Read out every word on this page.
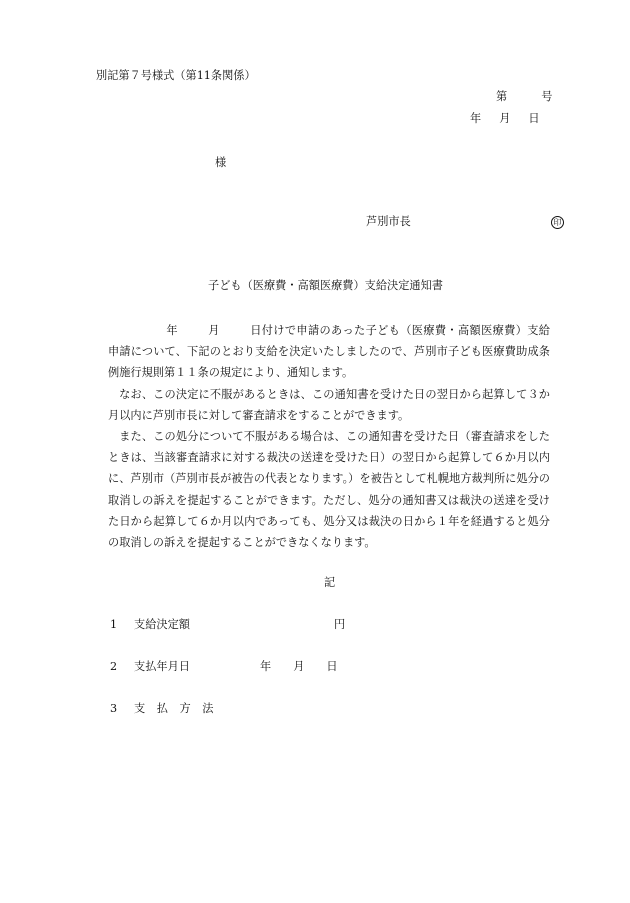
別記第７号様式（第11条関係）
第	号
年 月 日
様
芦別市長	印
子ども（医療費・高額医療費）支給決定通知書

年	月	日付けで申請のあった子ども（医療費・高額医療費）支給申請について、下記のとおり支給を決定いたしましたので、芦別市子ども医療費助成条例施行規則第１１条の規定により、通知します。

なお、この決定に不服があるときは、この通知書を受けた日の翌日から起算して３か月以内に芦別市長に対して審査請求をすることができます。

また、この処分について不服がある場合は、この通知書を受けた日（審査請求をしたときは、当該審査請求に対する裁決の送達を受けた日）の翌日から起算して６か月以内に、芦別市（芦別市長が被告の代表となります。）を被告として札幌地方裁判所に処分の取消しの訴えを提起することができます。ただし、処分の通知書又は裁決の送達を受けた日から起算して６か月以内であっても、処分又は裁決の日から１年を経過すると処分の取消しの訴えを提起することができなくなります。

記
1 支給決定額	円
2 支払年月日	年 月 日
3 支 払 方 法
